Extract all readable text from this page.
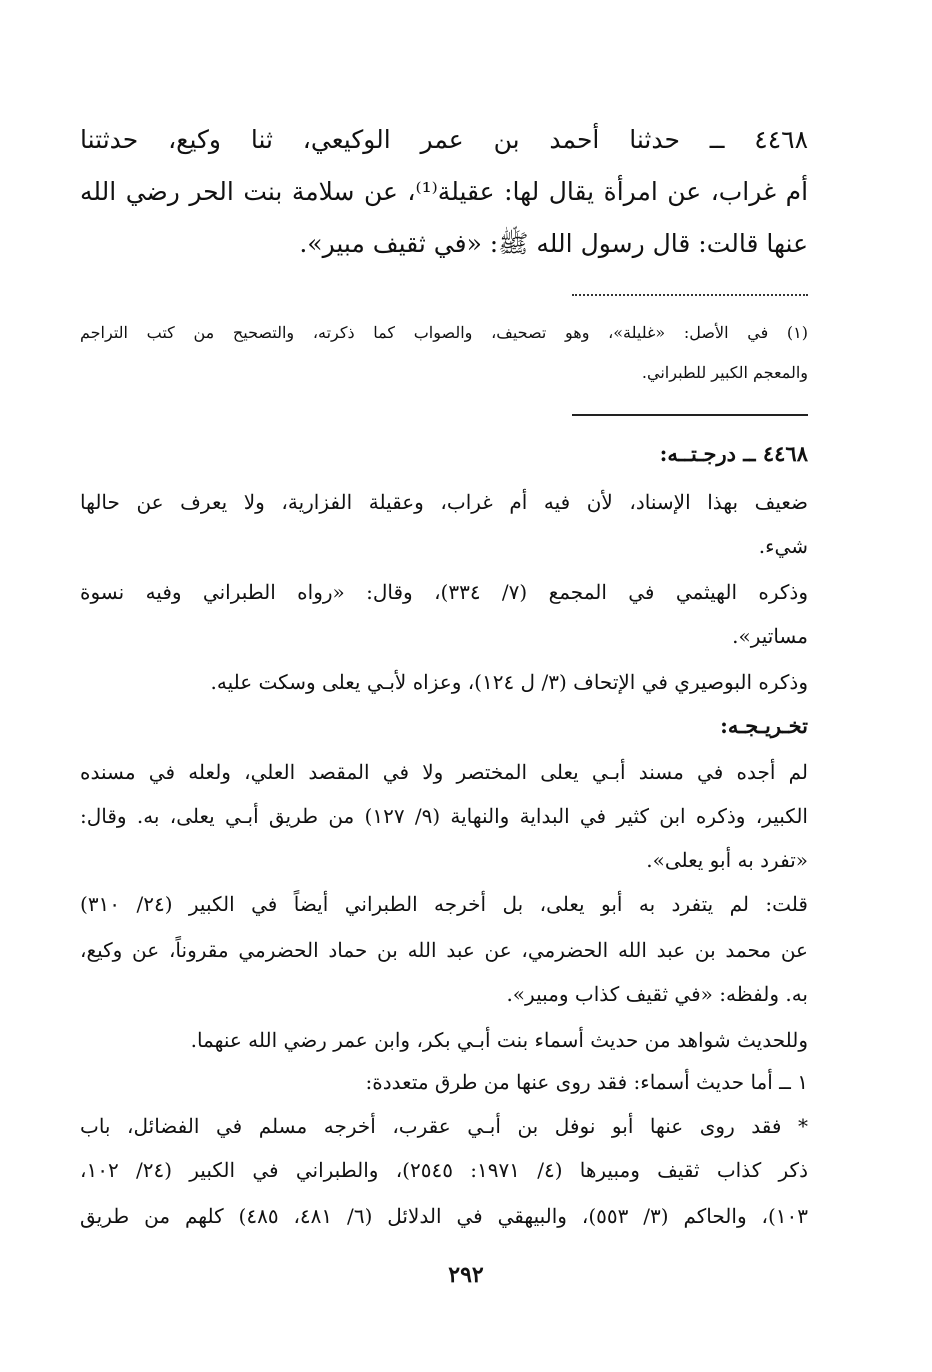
٤٤٦٨ ــ حدثنا أحمد بن عمر الوكيعي، ثنا وكيع، حدثتنا
أم غراب، عن امرأة يقال لها: عقيلة⁽¹⁾، عن سلامة بنت الحر رضي الله
عنها قالت: قال رسول الله ﷺ: «في ثقيف مبير».
(١) في الأصل: «غليلة»، وهو تصحيف، والصواب كما ذكرته، والتصحيح من كتب التراجم
والمعجم الكبير للطبراني.
٤٤٦٨ ــ درجـتــه:
ضعيف بهذا الإسناد، لأن فيه أم غراب، وعقيلة الفزارية، ولا يعرف عن حالها
شيء.
وذكره الهيثمي في المجمع (٧/ ٣٣٤)، وقال: «رواه الطبراني وفيه نسوة
مساتير».
وذكره البوصيري في الإتحاف (٣/ ل ١٢٤)، وعزاه لأبـي يعلى وسكت عليه.
تخـريـجـه:
لم أجده في مسند أبـي يعلى المختصر ولا في المقصد العلي، ولعله في مسنده
الكبير، وذكره ابن كثير في البداية والنهاية (٩/ ١٢٧) من طريق أبـي يعلى، به. وقال:
«تفرد به أبو يعلى».
قلت: لم يتفرد به أبو يعلى، بل أخرجه الطبراني أيضاً في الكبير (٢٤/ ٣١٠)
عن محمد بن عبد الله الحضرمي، عن عبد الله بن حماد الحضرمي مقروناً، عن وكيع،
به. ولفظه: «في ثقيف كذاب ومبير».
وللحديث شواهد من حديث أسماء بنت أبـي بكر، وابن عمر رضي الله عنهما.
١ ــ أما حديث أسماء: فقد روى عنها من طرق متعددة:
* فقد روى عنها أبو نوفل بن أبـي عقرب، أخرجه مسلم في الفضائل، باب
ذكر كذاب ثقيف ومبيرها (٤/ ١٩٧١: ٢٥٤٥)، والطبراني في الكبير (٢٤/ ١٠٢،
١٠٣)، والحاكم (٣/ ٥٥٣)، والبيهقي في الدلائل (٦/ ٤٨١، ٤٨٥) كلهم من طريق
٢٩٢
